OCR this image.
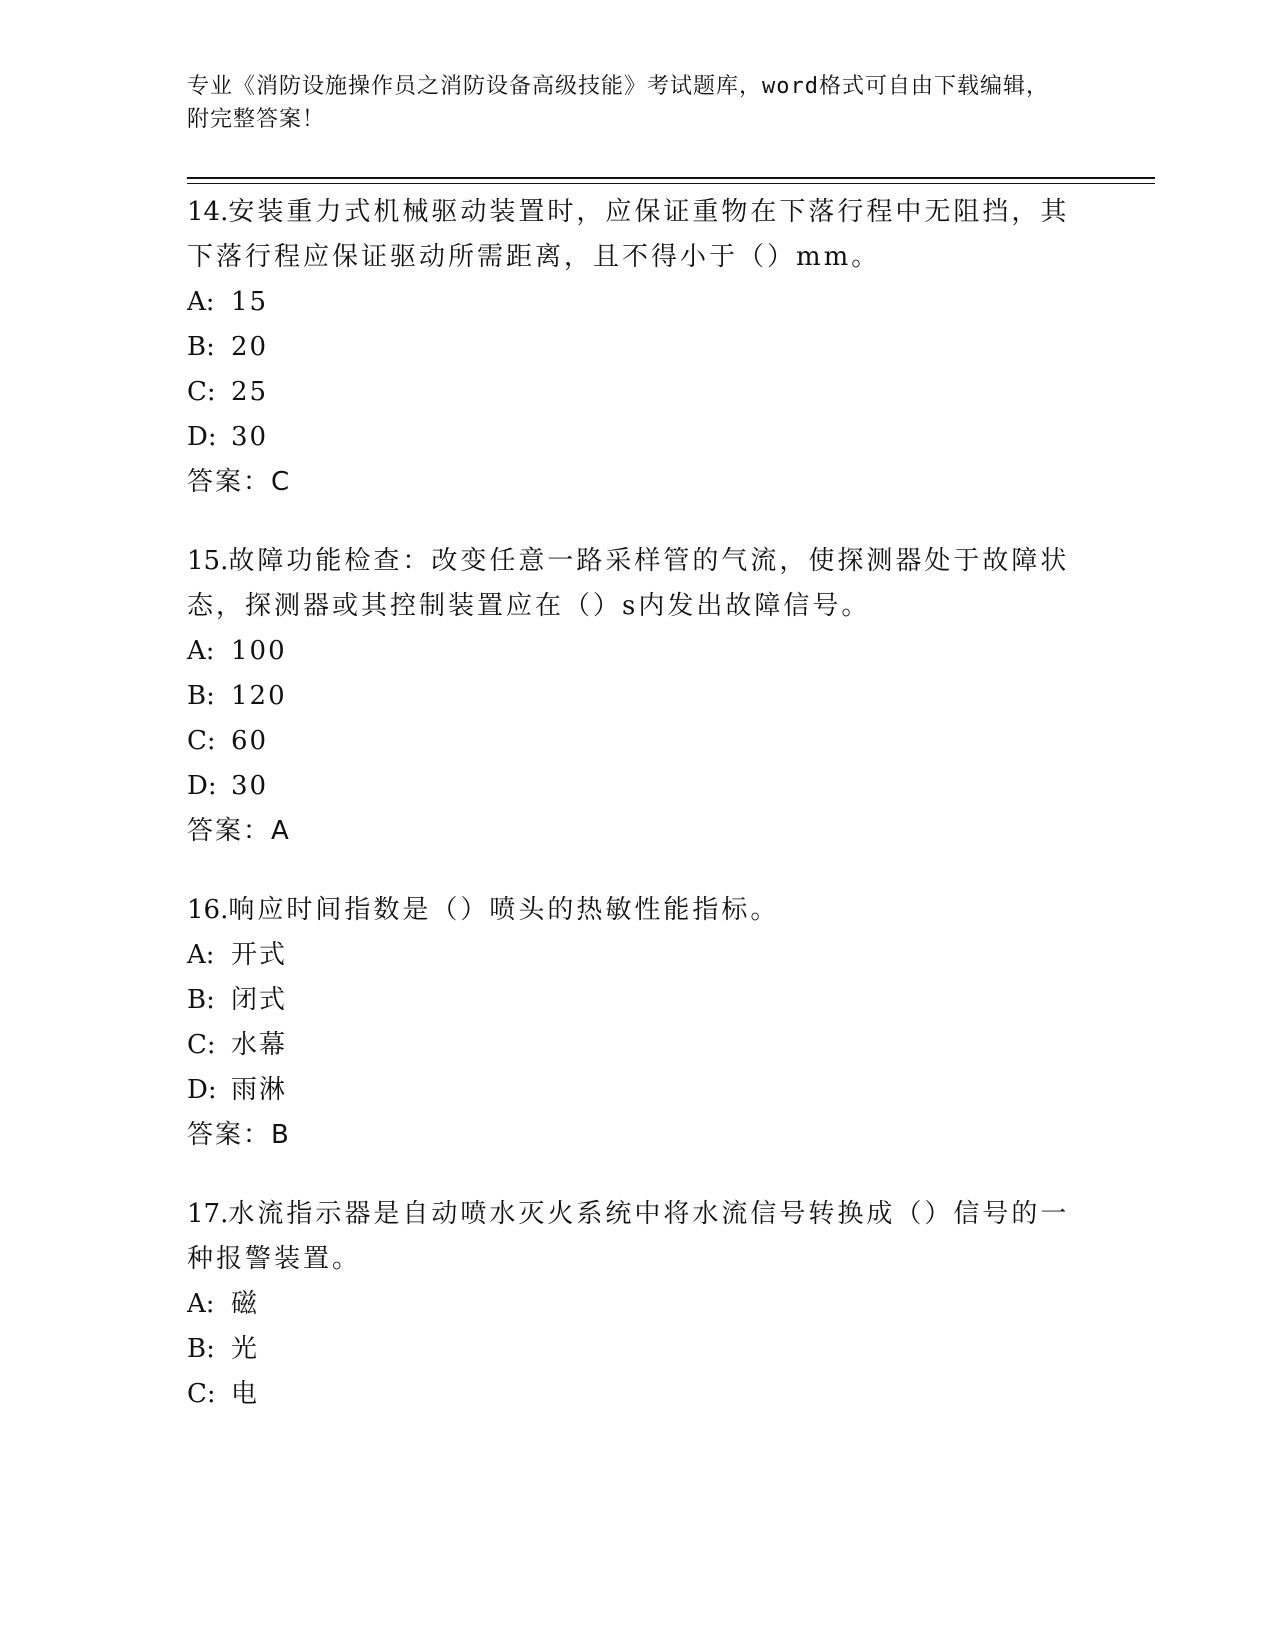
专业《消防设施操作员之消防设备高级技能》考试题库，word格式可自由下载编辑，附完整答案！

14.安装重力式机械驱动装置时，应保证重物在下落行程中无阻挡，其下落行程应保证驱动所需距离，且不得小于（）mm。

A: 15
B: 20
C: 25
D: 30

答案：C

15.故障功能检查：改变任意一路采样管的气流，使探测器处于故障状态，探测器或其控制装置应在（）s内发出故障信号。

A: 100
B: 120
C: 60
D: 30

答案：A

16.响应时间指数是（）喷头的热敏性能指标。

A: 开式
B: 闭式
C: 水幕
D: 雨淋

答案：B

17.水流指示器是自动喷水灭火系统中将水流信号转换成（）信号的一种报警装置。

A: 磁
B: 光
C: 电
